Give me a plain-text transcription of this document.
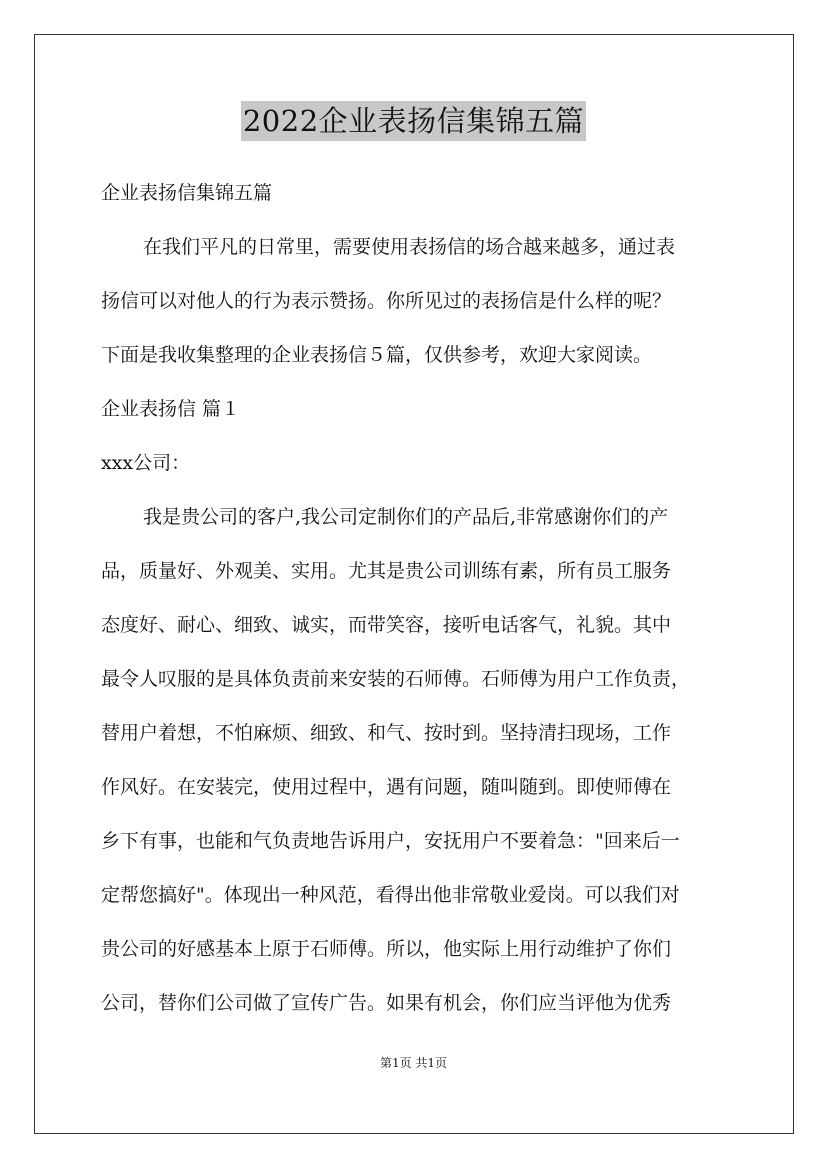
2022企业表扬信集锦五篇
企业表扬信集锦五篇
在我们平凡的日常里，需要使用表扬信的场合越来越多，通过表
扬信可以对他人的行为表示赞扬。你所见过的表扬信是什么样的呢？
下面是我收集整理的企业表扬信５篇，仅供参考，欢迎大家阅读。
企业表扬信 篇１
xxx公司：
我是贵公司的客户,我公司定制你们的产品后,非常感谢你们的产
品，质量好、外观美、实用。尤其是贵公司训练有素，所有员工服务
态度好、耐心、细致、诚实，而带笑容，接听电话客气，礼貌。其中
最令人叹服的是具体负责前来安装的石师傅。石师傅为用户工作负责，
替用户着想，不怕麻烦、细致、和气、按时到。坚持清扫现场，工作
作风好。在安装完，使用过程中，遇有问题，随叫随到。即使师傅在
乡下有事，也能和气负责地告诉用户，安抚用户不要着急："回来后一
定帮您搞好"。体现出一种风范，看得出他非常敬业爱岗。可以我们对
贵公司的好感基本上原于石师傅。所以，他实际上用行动维护了你们
公司，替你们公司做了宣传广告。如果有机会，你们应当评他为优秀
第1页 共1页
